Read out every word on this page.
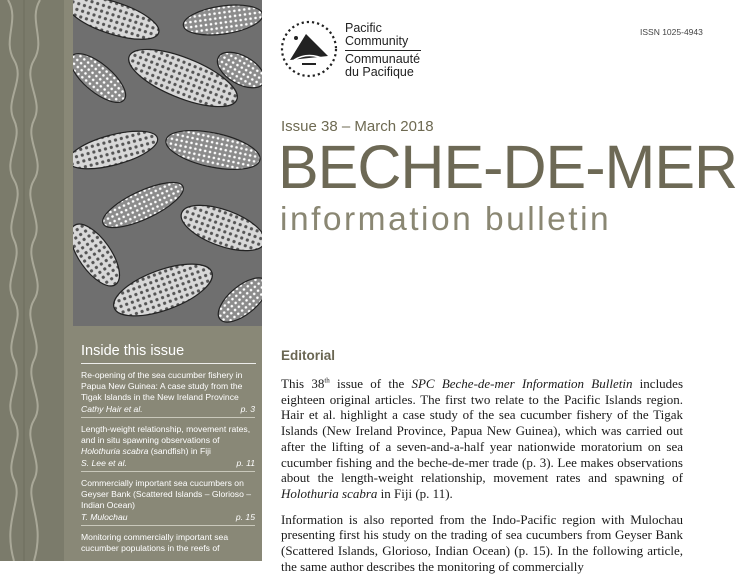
Inside this issue
Re-opening of the sea cucumber fishery in Papua New Guinea: A case study from the Tigak Islands in the New Ireland Province
Cathy Hair et al.	p. 3
Length-weight relationship, movement rates, and in situ spawning observations of Holothuria scabra (sandfish) in Fiji
S. Lee et al.	p. 11
Commercially important sea cucumbers on Geyser Bank (Scattered Islands – Glorioso – Indian Ocean)
T. Mulochau	p. 15
Monitoring commercially important sea cucumber populations in the reefs of
Pacific
Community
Communauté
du Pacifique
ISSN 1025-4943
Issue 38 – March 2018
BECHE-DE-MER
information bulletin
Editorial

This 38th issue of the SPC Beche-de-mer Information Bulletin includes eighteen original articles. The first two relate to the Pacific Islands region. Hair et al. highlight a case study of the sea cucumber fishery of the Tigak Islands (New Ireland Province, Papua New Guinea), which was carried out after the lifting of a seven-and-a-half year nationwide moratorium on sea cucumber fishing and the beche-de-mer trade (p. 3). Lee makes observations about the length-weight relationship, movement rates and spawning of Holothuria scabra in Fiji (p. 11).

Information is also reported from the Indo-Pacific region with Mulochau presenting first his study on the trading of sea cucumbers from Geyser Bank (Scattered Islands, Glorioso, Indian Ocean) (p. 15). In the following article, the same author describes the monitoring of commercially
